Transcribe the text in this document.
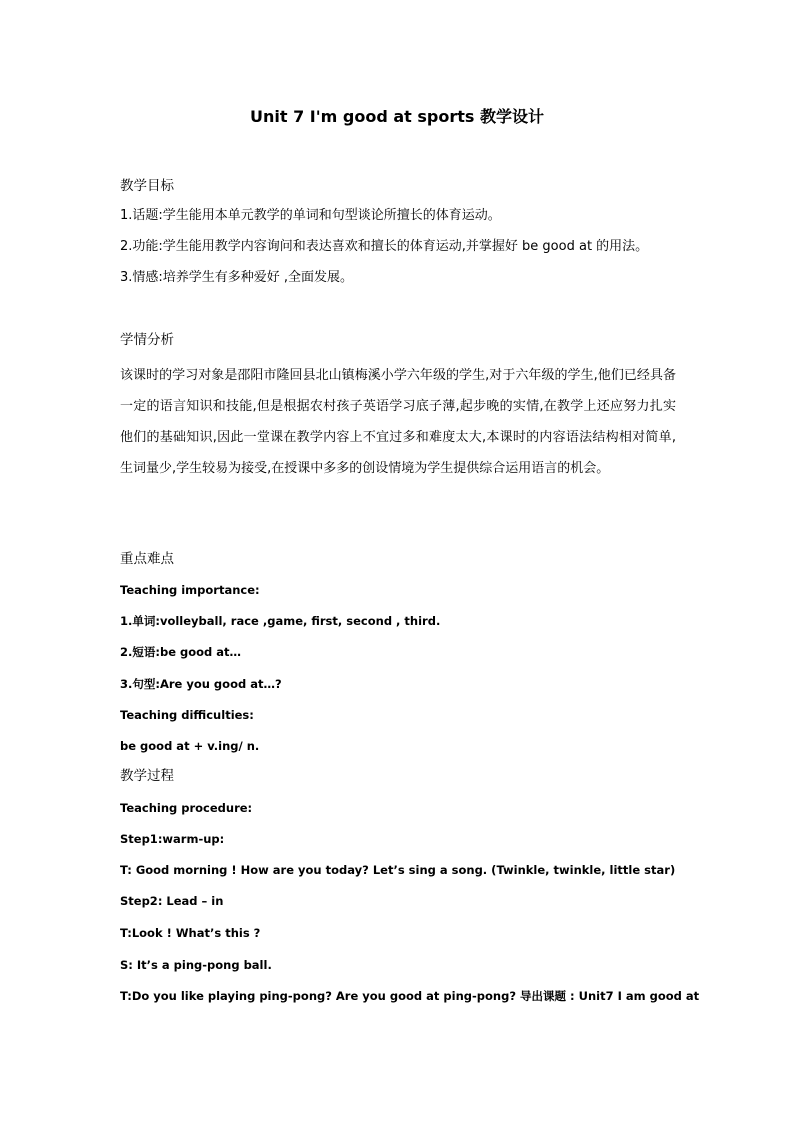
Unit 7 I'm good at sports 教学设计
教学目标
1.话题:学生能用本单元教学的单词和句型谈论所擅长的体育运动。
2.功能:学生能用教学内容询问和表达喜欢和擅长的体育运动,并掌握好 be good at 的用法。
3.情感:培养学生有多种爱好 ,全面发展。
学情分析
该课时的学习对象是邵阳市隆回县北山镇梅溪小学六年级的学生,对于六年级的学生,他们已经具备一定的语言知识和技能,但是根据农村孩子英语学习底子薄,起步晚的实情,在教学上还应努力扎实他们的基础知识,因此一堂课在教学内容上不宜过多和难度太大,本课时的内容语法结构相对简单,生词量少,学生较易为接受,在授课中多多的创设情境为学生提供综合运用语言的机会。
重点难点
Teaching importance:
1.单词:volleyball, race ,game, first, second , third.
2.短语:be good at…
3.句型:Are you good at…?
Teaching difficulties:
be good at + v.ing/ n.
教学过程
Teaching procedure:
Step1:warm-up:
T: Good morning ! How are you today? Let’s sing a song. (Twinkle, twinkle, little star)
Step2: Lead – in
T:Look ! What’s this ?
S: It’s a ping-pong ball.
T:Do you like playing ping-pong? Are you good at ping-pong? 导出课题 : Unit7 I am good at
